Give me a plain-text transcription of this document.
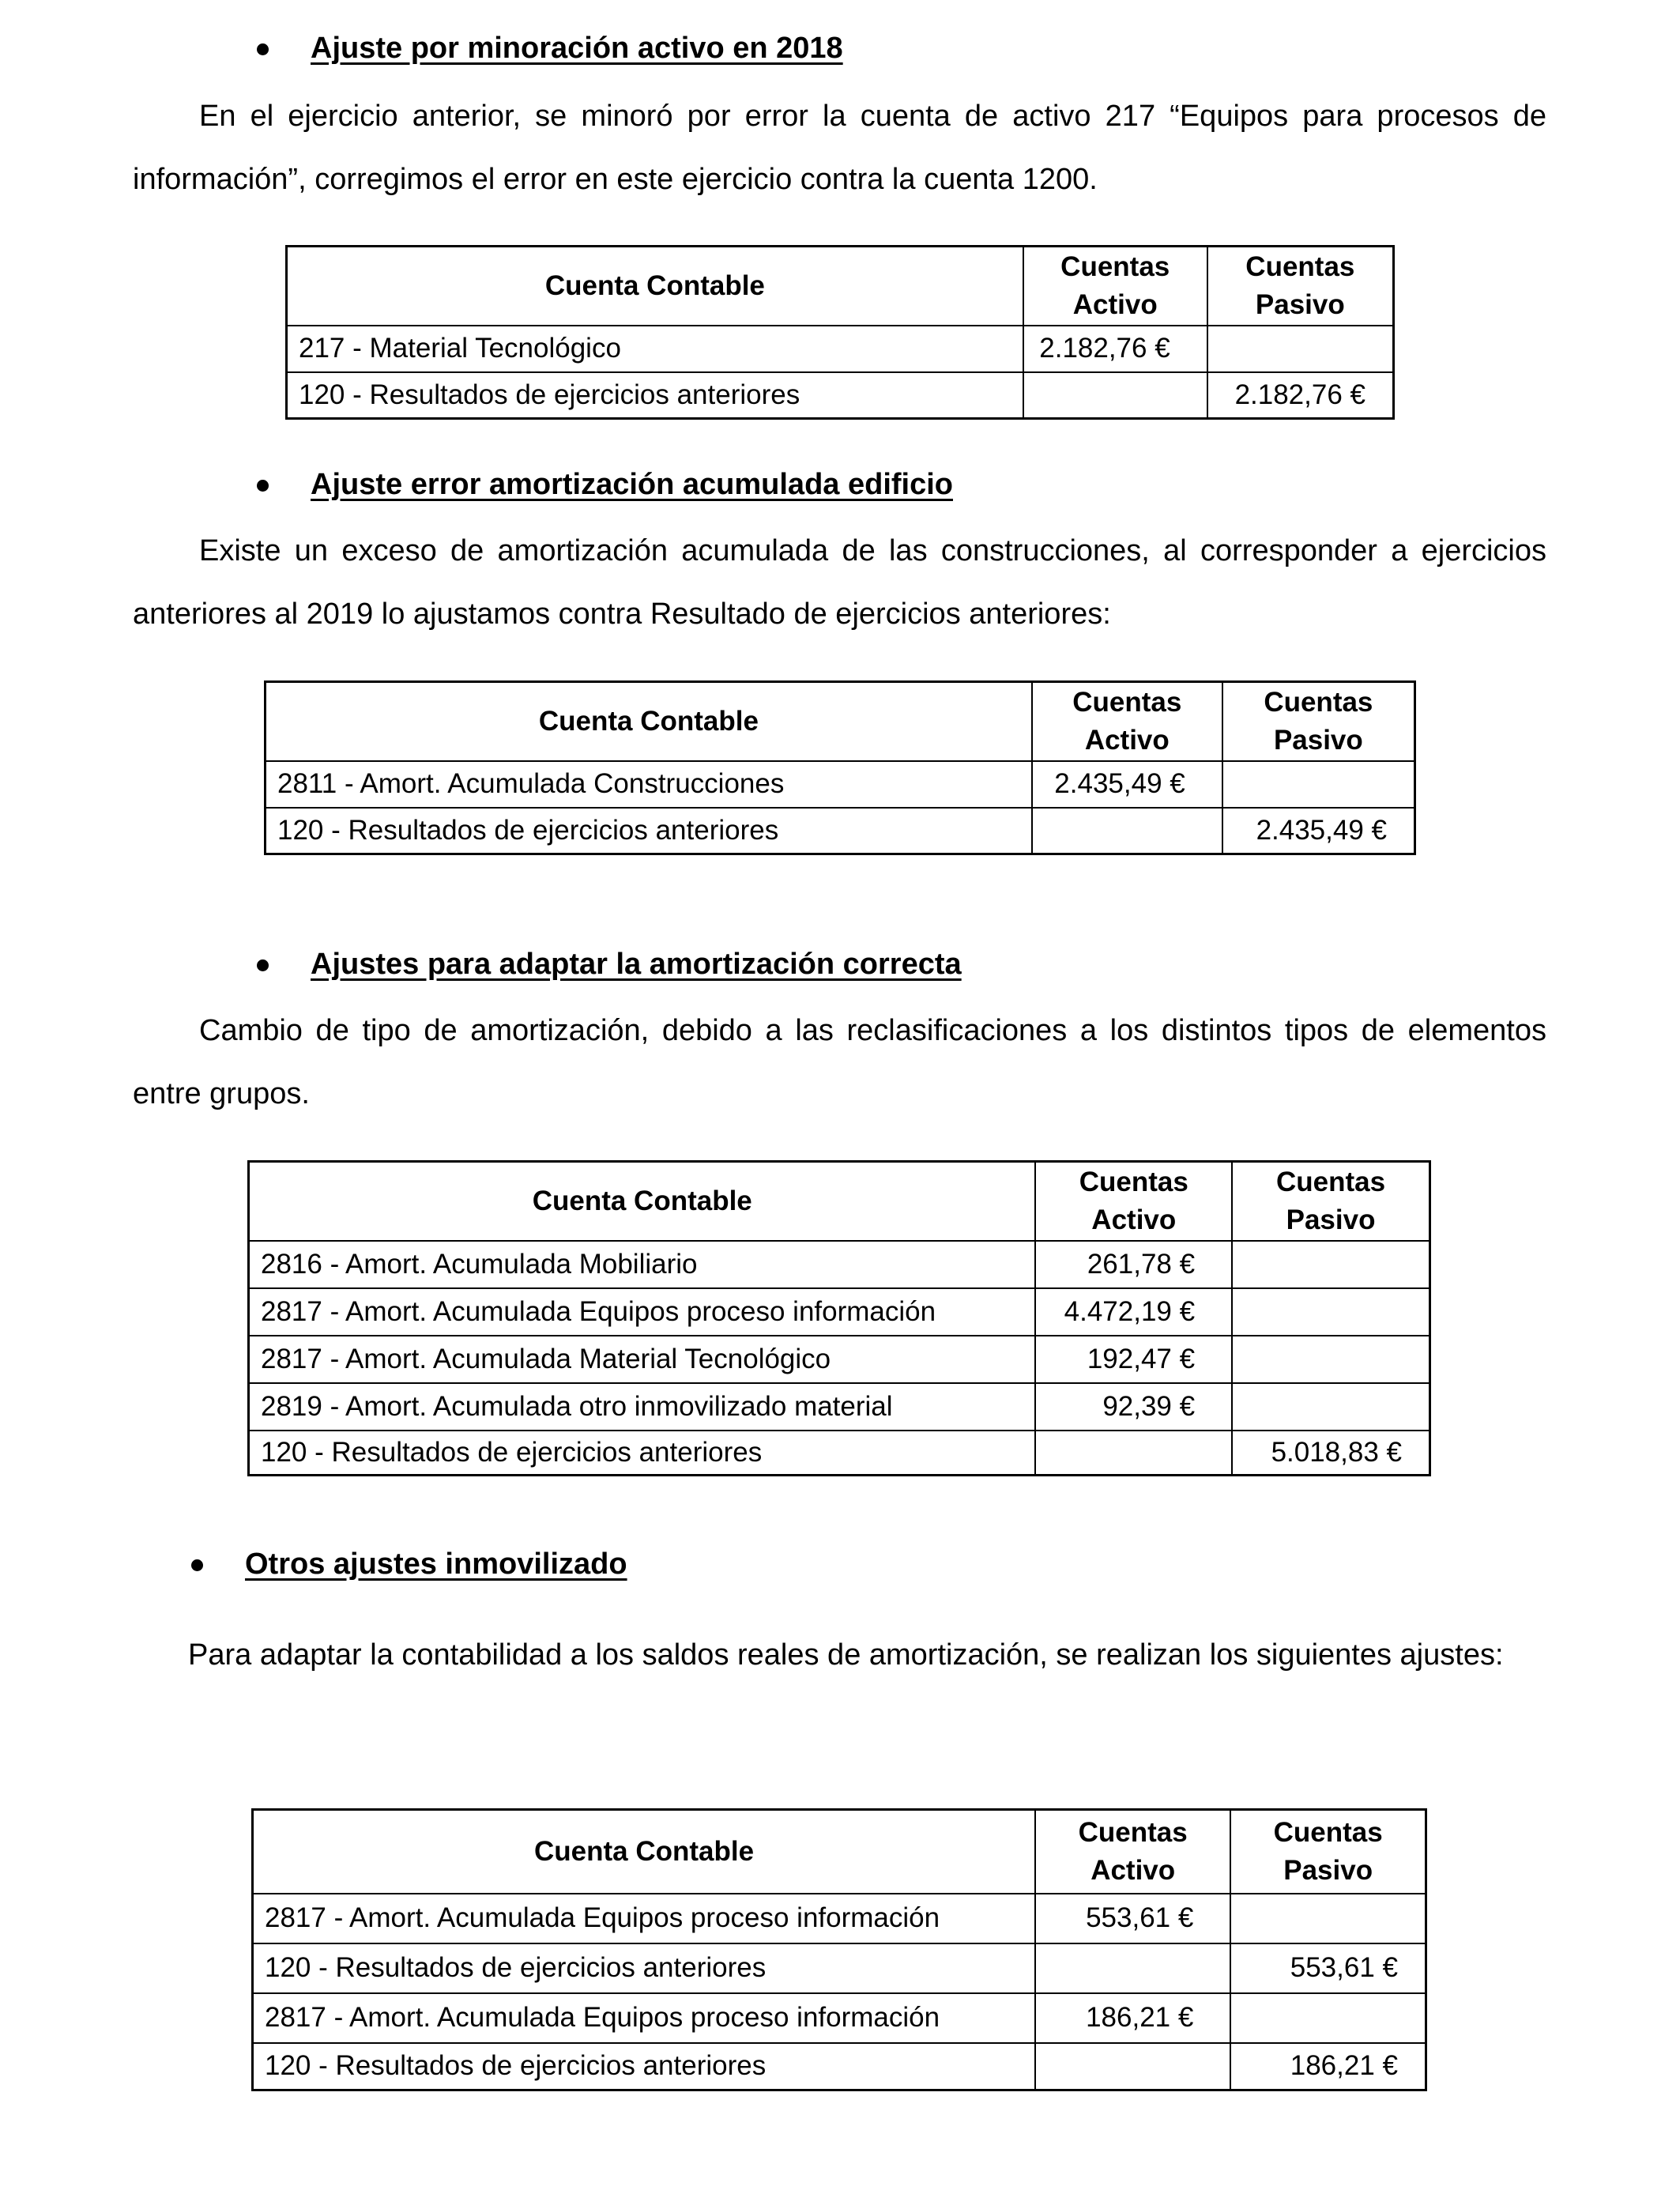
Ajuste por minoración activo en 2018
En el ejercicio anterior, se minoró por error la cuenta de activo 217 “Equipos para procesos de
información”, corregimos el error en este ejercicio contra la cuenta 1200.
Cuenta Contable	Cuentas Activo	Cuentas Pasivo
217 - Material Tecnológico	2.182,76 €	
120 - Resultados de ejercicios anteriores		2.182,76 €
Ajuste error amortización acumulada edificio
Existe un exceso de amortización acumulada de las construcciones, al corresponder a ejercicios
anteriores al 2019 lo ajustamos contra Resultado de ejercicios anteriores:
Cuenta Contable	Cuentas Activo	Cuentas Pasivo
2811 - Amort. Acumulada Construcciones	2.435,49 €	
120 - Resultados de ejercicios anteriores		2.435,49 €
Ajustes para adaptar la amortización correcta
Cambio de tipo de amortización, debido a las reclasificaciones a los distintos tipos de elementos
entre grupos.
Cuenta Contable	Cuentas Activo	Cuentas Pasivo
2816 - Amort. Acumulada Mobiliario	261,78 €	
2817 - Amort. Acumulada Equipos proceso información	4.472,19 €	
2817 - Amort. Acumulada Material Tecnológico	192,47 €	
2819 - Amort. Acumulada otro inmovilizado material	92,39 €	
120 - Resultados de ejercicios anteriores		5.018,83 €
Otros ajustes inmovilizado
Para adaptar la contabilidad a los saldos reales de amortización, se realizan los siguientes ajustes:
Cuenta Contable	Cuentas Activo	Cuentas Pasivo
2817 - Amort. Acumulada Equipos proceso información	553,61 €	
120 - Resultados de ejercicios anteriores		553,61 €
2817 - Amort. Acumulada Equipos proceso información	186,21 €	
120 - Resultados de ejercicios anteriores		186,21 €
